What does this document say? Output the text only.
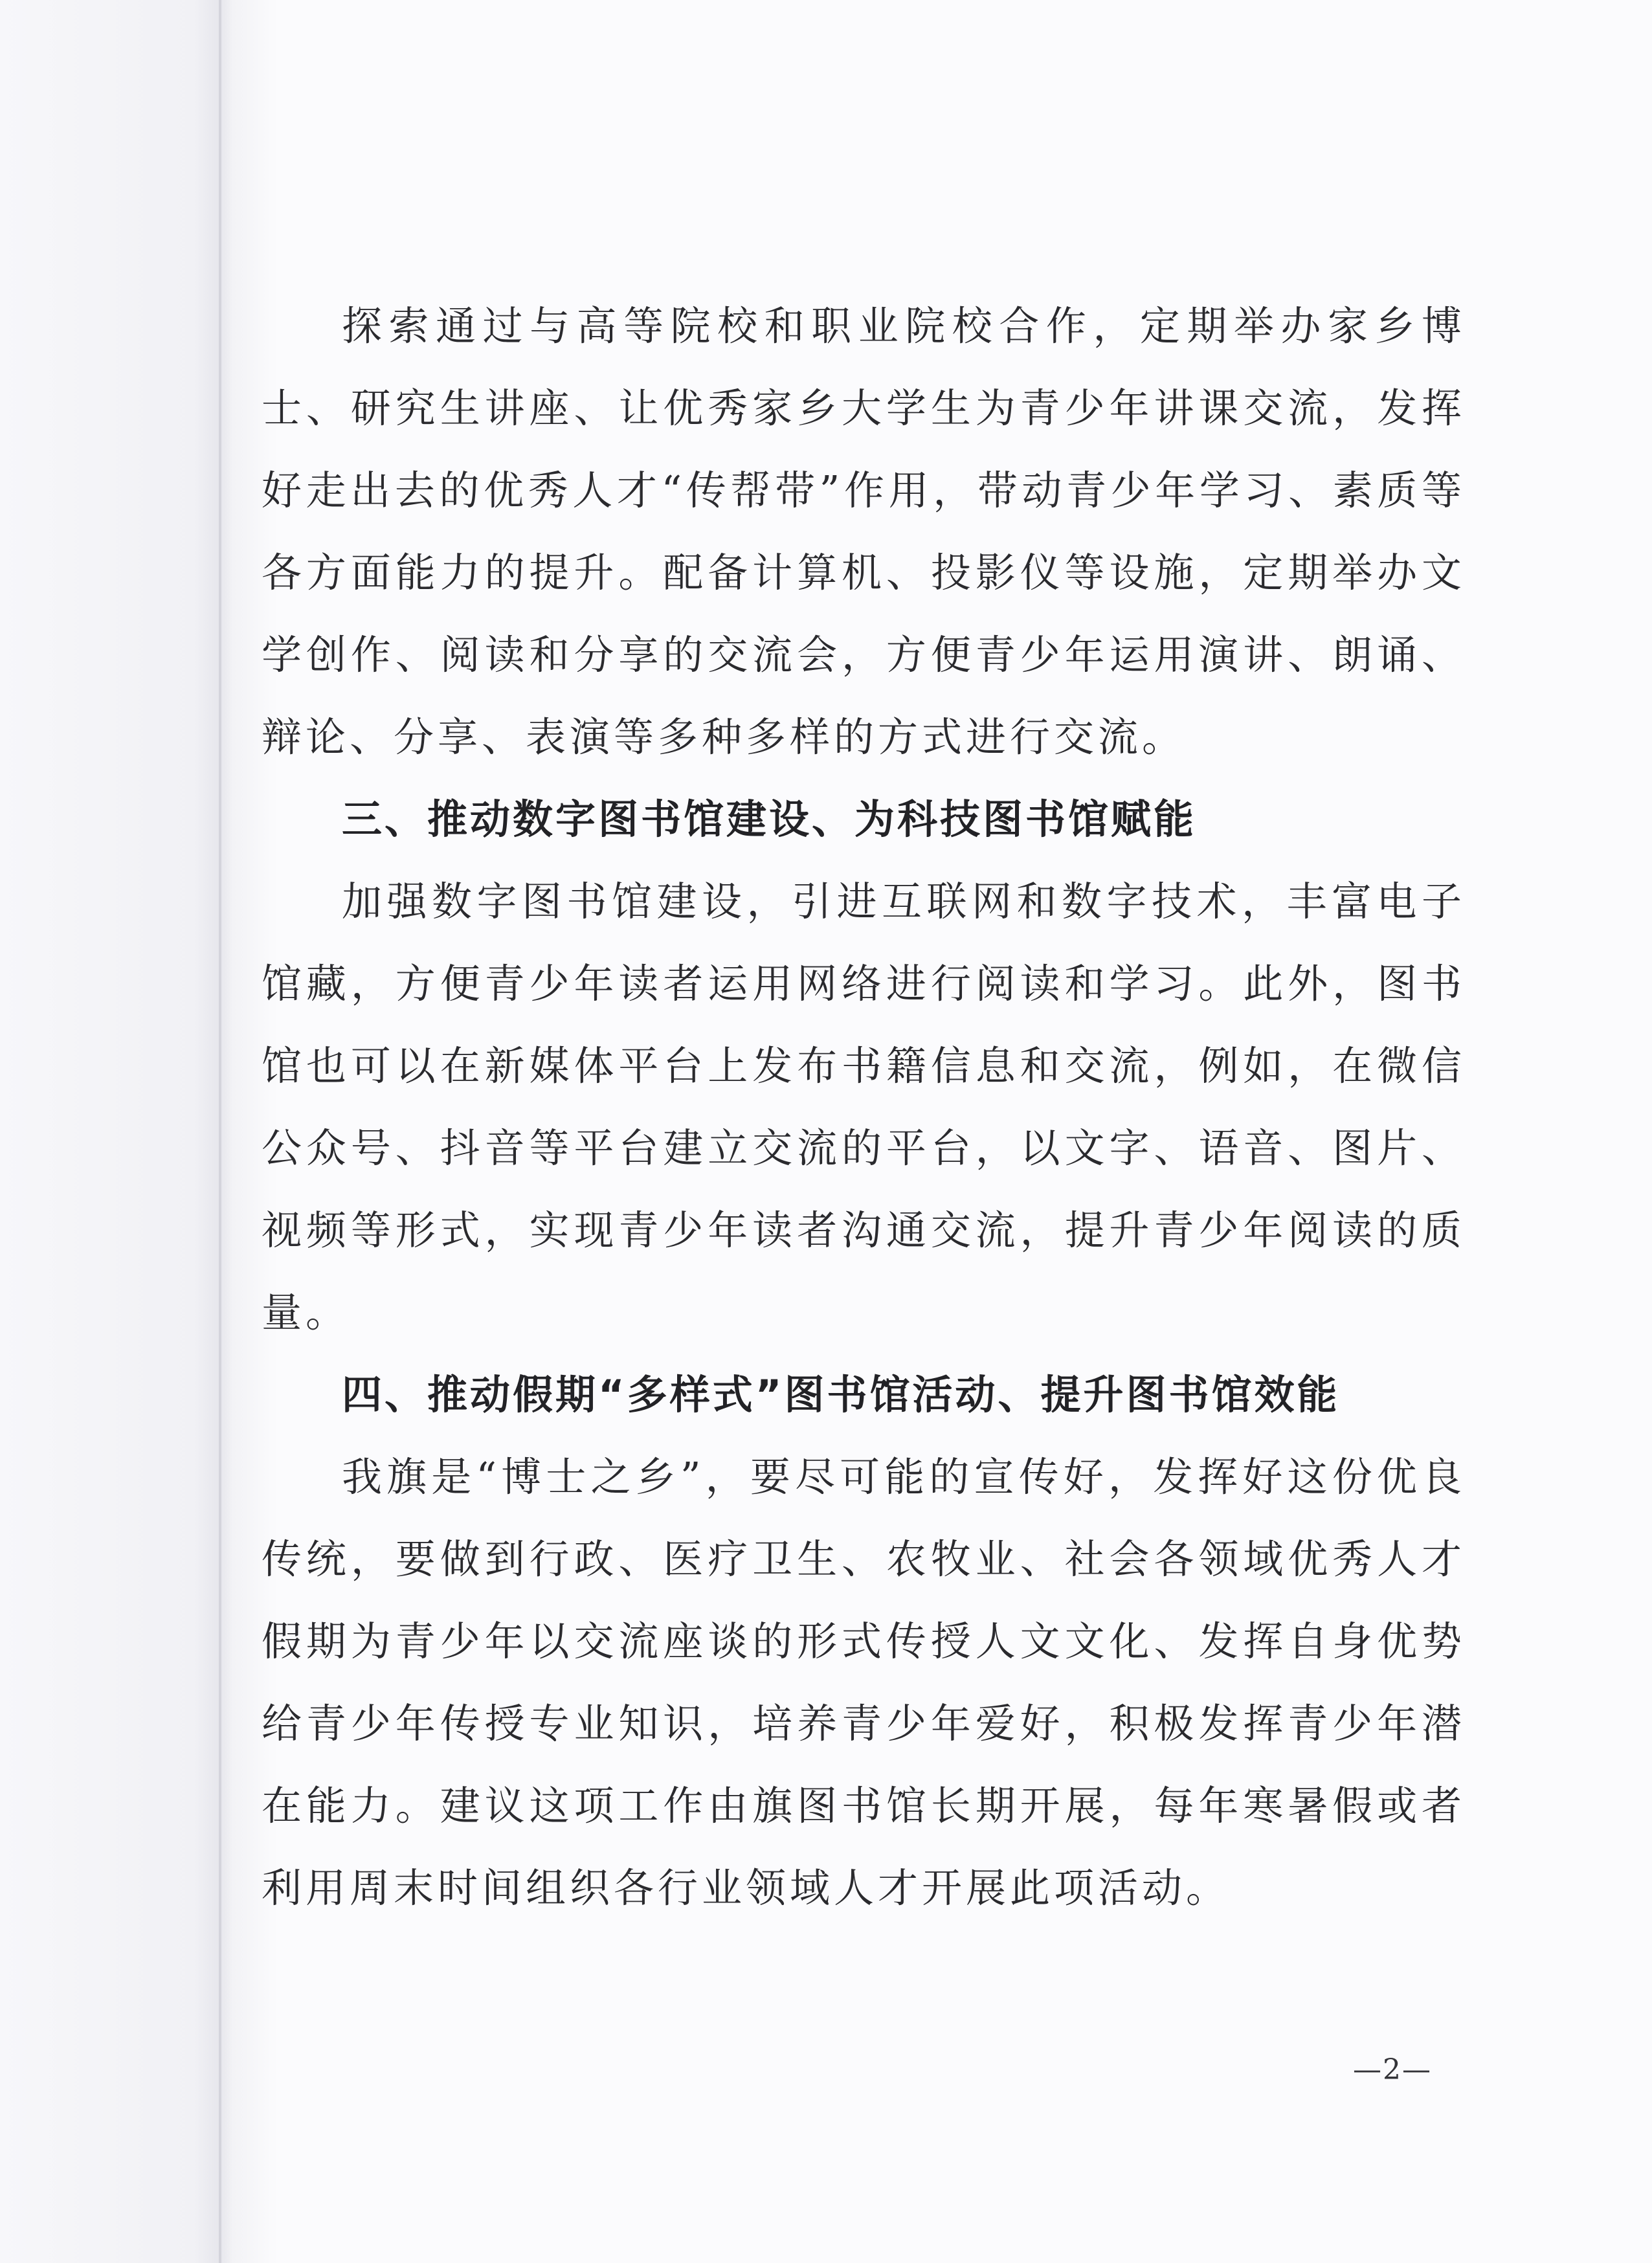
探索通过与高等院校和职业院校合作，定期举办家乡博士、研究生讲座、让优秀家乡大学生为青少年讲课交流，发挥好走出去的优秀人才“传帮带”作用，带动青少年学习、素质等各方面能力的提升。配备计算机、投影仪等设施，定期举办文学创作、阅读和分享的交流会，方便青少年运用演讲、朗诵、辩论、分享、表演等多种多样的方式进行交流。

三、推动数字图书馆建设、为科技图书馆赋能

加强数字图书馆建设，引进互联网和数字技术，丰富电子馆藏，方便青少年读者运用网络进行阅读和学习。此外，图书馆也可以在新媒体平台上发布书籍信息和交流，例如，在微信公众号、抖音等平台建立交流的平台，以文字、语音、图片、视频等形式，实现青少年读者沟通交流，提升青少年阅读的质量。

四、推动假期“多样式”图书馆活动、提升图书馆效能

我旗是“博士之乡”，要尽可能的宣传好，发挥好这份优良传统，要做到行政、医疗卫生、农牧业、社会各领域优秀人才假期为青少年以交流座谈的形式传授人文文化、发挥自身优势给青少年传授专业知识，培养青少年爱好，积极发挥青少年潜在能力。建议这项工作由旗图书馆长期开展，每年寒暑假或者利用周末时间组织各行业领域人才开展此项活动。

—2—
